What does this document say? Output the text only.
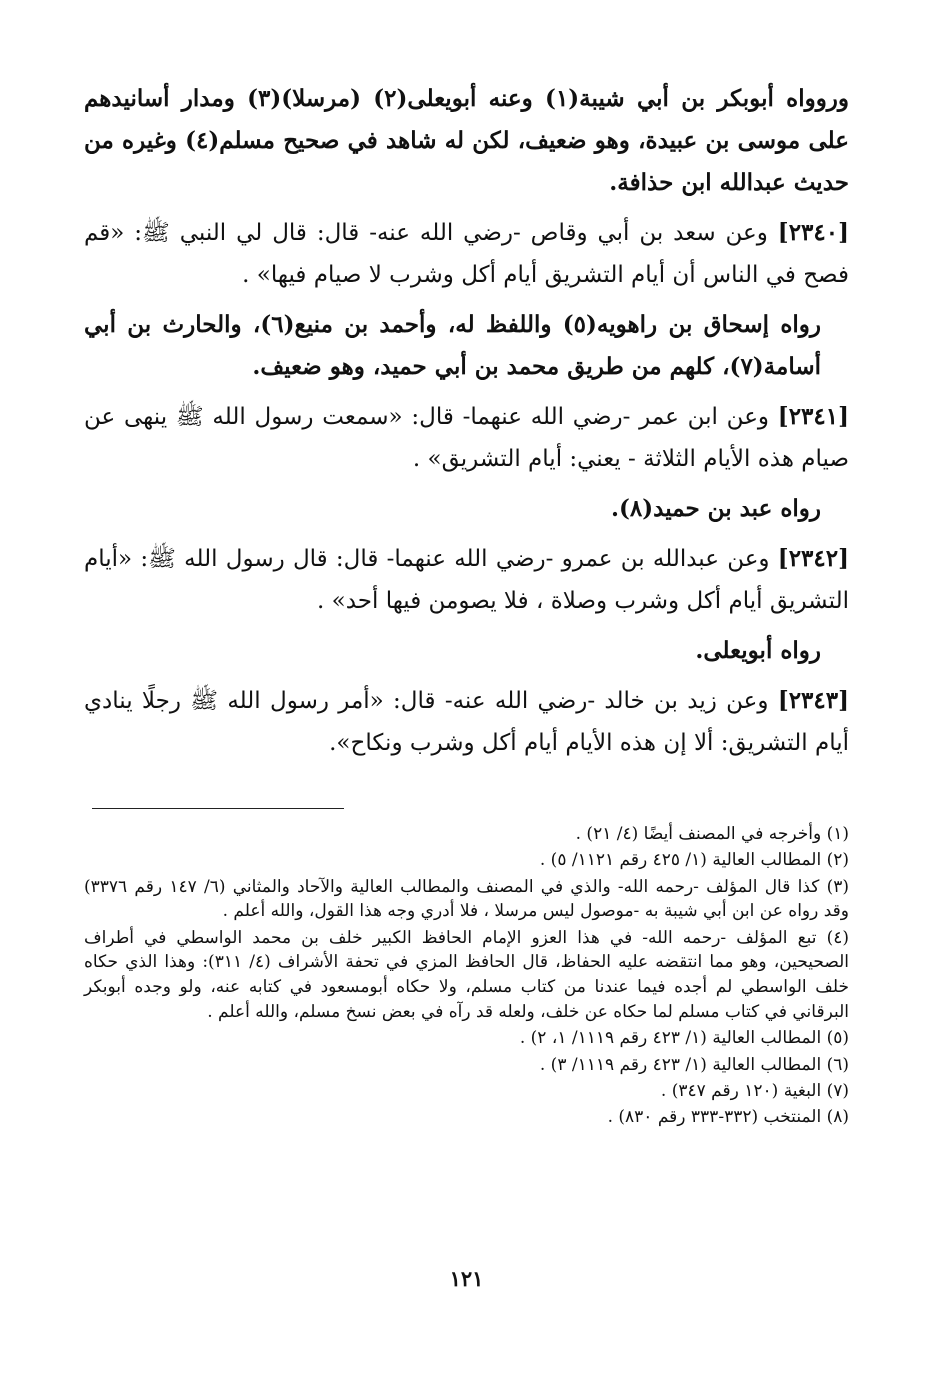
وروواه أبوبكر بن أبي شيبة(١) وعنه أبويعلى(٢) (مرسلا)(٣) ومدار أسانيدهم على موسى بن عبيدة، وهو ضعيف، لكن له شاهد في صحيح مسلم(٤) وغيره من حديث عبدالله ابن حذافة.

[٢٣٤٠] وعن سعد بن أبي وقاص -رضي الله عنه- قال: قال لي النبي ﷺ: «قم فصح في الناس أن أيام التشريق أيام أكل وشرب لا صيام فيها» .

رواه إسحاق بن راهويه(٥) واللفظ له، وأحمد بن منيع(٦)، والحارث بن أبي أسامة(٧)، كلهم من طريق محمد بن أبي حميد، وهو ضعيف.

[٢٣٤١] وعن ابن عمر -رضي الله عنهما- قال: «سمعت رسول الله ﷺ ينهى عن صيام هذه الأيام الثلاثة - يعني: أيام التشريق» .

رواه عبد بن حميد(٨).

[٢٣٤٢] وعن عبدالله بن عمرو -رضي الله عنهما- قال: قال رسول الله ﷺ: «أيام التشريق أيام أكل وشرب وصلاة ، فلا يصومن فيها أحد» .

رواه أبويعلى.

[٢٣٤٣] وعن زيد بن خالد -رضي الله عنه- قال: «أمر رسول الله ﷺ رجلًا ينادي أيام التشريق: ألا إن هذه الأيام أيام أكل وشرب ونكاح».

(١) وأخرجه في المصنف أيضًا (٤/ ٢١) .

(٢) المطالب العالية (١/ ٤٢٥ رقم ١١٢١/ ٥) .

(٣) كذا قال المؤلف -رحمه الله- والذي في المصنف والمطالب العالية والآحاد والمثاني (٦/ ١٤٧ رقم ٣٣٧٦) وقد رواه عن ابن أبي شيبة به -موصول ليس مرسلا ، فلا أدري وجه هذا القول، والله أعلم .

(٤) تبع المؤلف -رحمه الله- في هذا العزو الإمام الحافظ الكبير خلف بن محمد الواسطي في أطراف الصحيحين، وهو مما انتقضه عليه الحفاظ، قال الحافظ المزي في تحفة الأشراف (٤/ ٣١١): وهذا الذي حكاه خلف الواسطي لم أجده فيما عندنا من كتاب مسلم، ولا حكاه أبومسعود في كتابه عنه، ولو وجده أبوبكر البرقاني في كتاب مسلم لما حكاه عن خلف، ولعله قد رآه في بعض نسخ مسلم، والله أعلم .

(٥) المطالب العالية (١/ ٤٢٣ رقم ١١١٩/ ١، ٢) .

(٦) المطالب العالية (١/ ٤٢٣ رقم ١١١٩/ ٣) .

(٧) البغية (١٢٠ رقم ٣٤٧) .

(٨) المنتخب (٣٣٢-٣٣٣ رقم ٨٣٠) .

١٢١
